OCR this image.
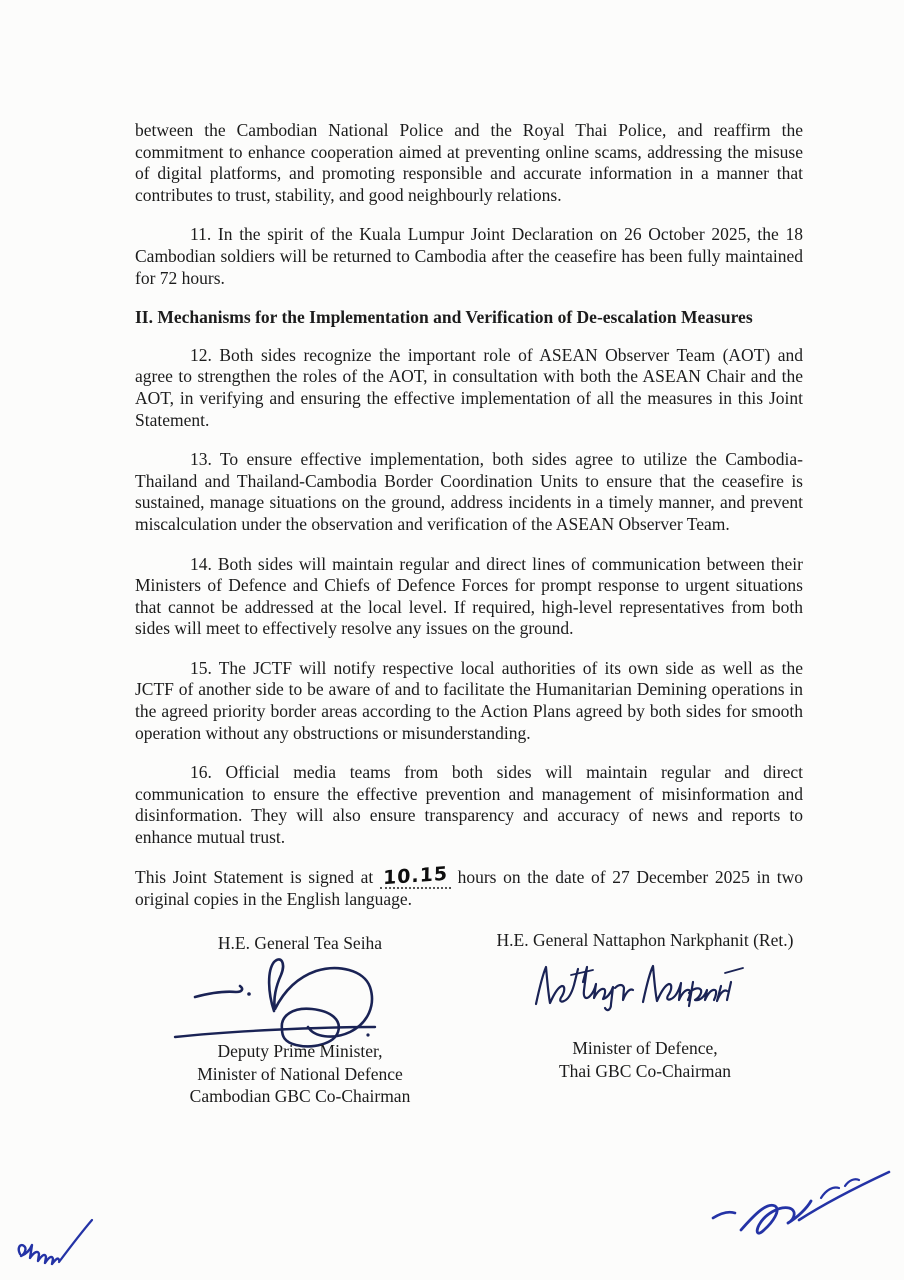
between the Cambodian National Police and the Royal Thai Police, and reaffirm the commitment to enhance cooperation aimed at preventing online scams, addressing the misuse of digital platforms, and promoting responsible and accurate information in a manner that contributes to trust, stability, and good neighbourly relations.

11. In the spirit of the Kuala Lumpur Joint Declaration on 26 October 2025, the 18 Cambodian soldiers will be returned to Cambodia after the ceasefire has been fully maintained for 72 hours.

II. Mechanisms for the Implementation and Verification of De-escalation Measures

12. Both sides recognize the important role of ASEAN Observer Team (AOT) and agree to strengthen the roles of the AOT, in consultation with both the ASEAN Chair and the AOT, in verifying and ensuring the effective implementation of all the measures in this Joint Statement.

13. To ensure effective implementation, both sides agree to utilize the Cambodia-Thailand and Thailand-Cambodia Border Coordination Units to ensure that the ceasefire is sustained, manage situations on the ground, address incidents in a timely manner, and prevent miscalculation under the observation and verification of the ASEAN Observer Team.

14. Both sides will maintain regular and direct lines of communication between their Ministers of Defence and Chiefs of Defence Forces for prompt response to urgent situations that cannot be addressed at the local level. If required, high-level representatives from both sides will meet to effectively resolve any issues on the ground.

15. The JCTF will notify respective local authorities of its own side as well as the JCTF of another side to be aware of and to facilitate the Humanitarian Demining operations in the agreed priority border areas according to the Action Plans agreed by both sides for smooth operation without any obstructions or misunderstanding.

16. Official media teams from both sides will maintain regular and direct communication to ensure the effective prevention and management of misinformation and disinformation. They will also ensure transparency and accuracy of news and reports to enhance mutual trust.

This Joint Statement is signed at 10.15 hours on the date of 27 December 2025 in two original copies in the English language.

H.E. General Tea Seiha
Deputy Prime Minister,
Minister of National Defence
Cambodian GBC Co-Chairman
H.E. General Nattaphon Narkphanit (Ret.)
Minister of Defence,
Thai GBC Co-Chairman
